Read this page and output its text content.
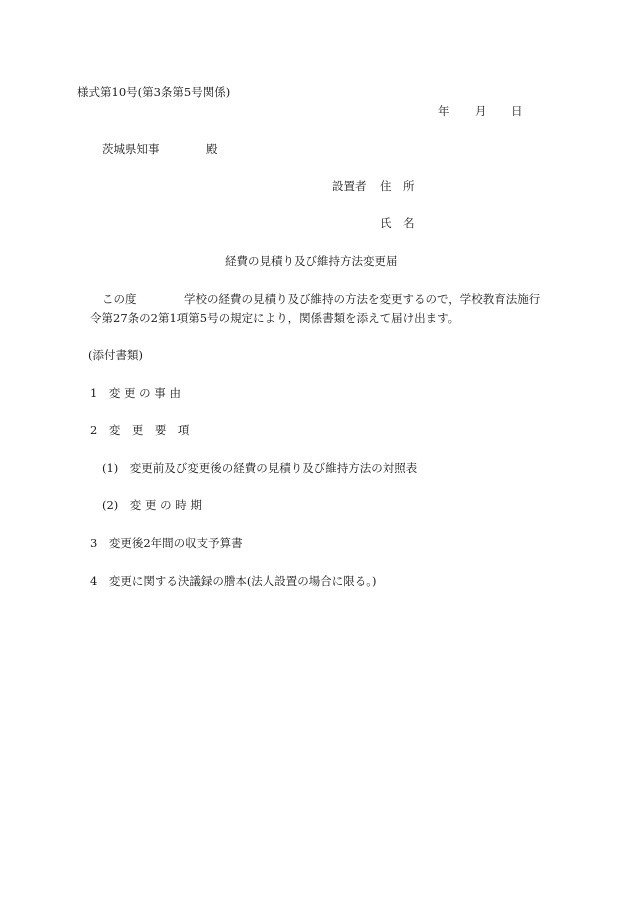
様式第10号(第3条第5号関係)
年 月 日
茨城県知事	殿
設置者 住　所
氏　名
経費の見積り及び維持方法変更届
この度	学校の経費の見積り及び維持の方法を変更するので，学校教育法施行
令第27条の2第1項第5号の規定により，関係書類を添えて届け出ます。
(添付書類)
1　変 更 の 事 由
2　変　更　要　項
(1)　変更前及び変更後の経費の見積り及び維持方法の対照表
(2)　変 更 の 時 期
3　変更後2年間の収支予算書
4　変更に関する決議録の謄本(法人設置の場合に限る。)
